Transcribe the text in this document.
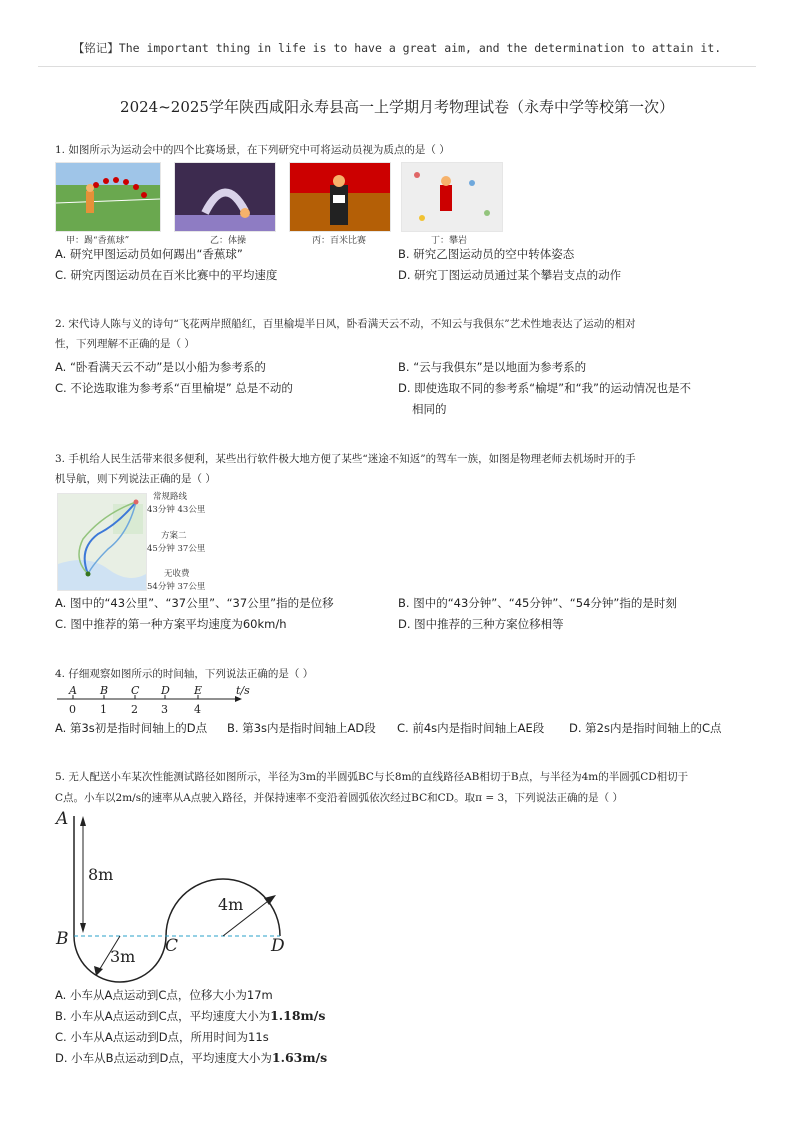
【铭记】The important thing in life is to have a great aim, and the determination to attain it.
2024~2025学年陕西咸阳永寿县高一上学期月考物理试卷（永寿中学等校第一次）
1. 如图所示为运动会中的四个比赛场景，在下列研究中可将运动员视为质点的是（ ）
甲：踢“香蕉球”	乙：体操	丙：百米比赛	丁：攀岩
A. 研究甲图运动员如何踢出“香蕉球”	B. 研究乙图运动员的空中转体姿态
C. 研究丙图运动员在百米比赛中的平均速度	D. 研究丁图运动员通过某个攀岩支点的动作
2. 宋代诗人陈与义的诗句“飞花两岸照船红，百里榆堤半日风，卧看满天云不动，不知云与我俱东”艺术性地表达了运动的相对
性，下列理解不正确的是（ ）
A. “卧看满天云不动”是以小船为参考系的	B. “云与我俱东”是以地面为参考系的
C. 不论选取谁为参考系“百里榆堤” 总是不动的	D. 即使选取不同的参考系“榆堤”和“我”的运动情况也是不
相同的
3. 手机给人民生活带来很多便利，某些出行软件极大地方便了某些“迷途不知返”的驾车一族，如图是物理老师去机场时开的手
机导航，则下列说法正确的是（ ）
常规路线
43分钟 43公里
方案二
45分钟 37公里
无收费
54分钟 37公里
A. 图中的“43公里”、“37公里”、“37公里”指的是位移	B. 图中的“43分钟”、“45分钟”、“54分钟”指的是时刻
C. 图中推荐的第一种方案平均速度为60km/h	D. 图中推荐的三种方案位移相等
4. 仔细观察如图所示的时间轴，下列说法正确的是（ ）
A B C D E	t/s
0 1 2 3 4
A. 第3s初是指时间轴上的D点 B. 第3s内是指时间轴上AD段 C. 前4s内是指时间轴上AE段 D. 第2s内是指时间轴上的C点
5. 无人配送小车某次性能测试路径如图所示，半径为3m的半圆弧BC与长8m的直线路径AB相切于B点，与半径为4m的半圆弧CD相切于
C点。小车以2m/s的速率从A点驶入路径，并保持速率不变沿着圆弧依次经过BC和CD。取π = 3，下列说法正确的是（ ）
A
B	C	D
8m
3m
4m
A. 小车从A点运动到C点，位移大小为17m
B. 小车从A点运动到C点，平均速度大小为1.18m/s
C. 小车从A点运动到D点，所用时间为11s
D. 小车从B点运动到D点，平均速度大小为1.63m/s
